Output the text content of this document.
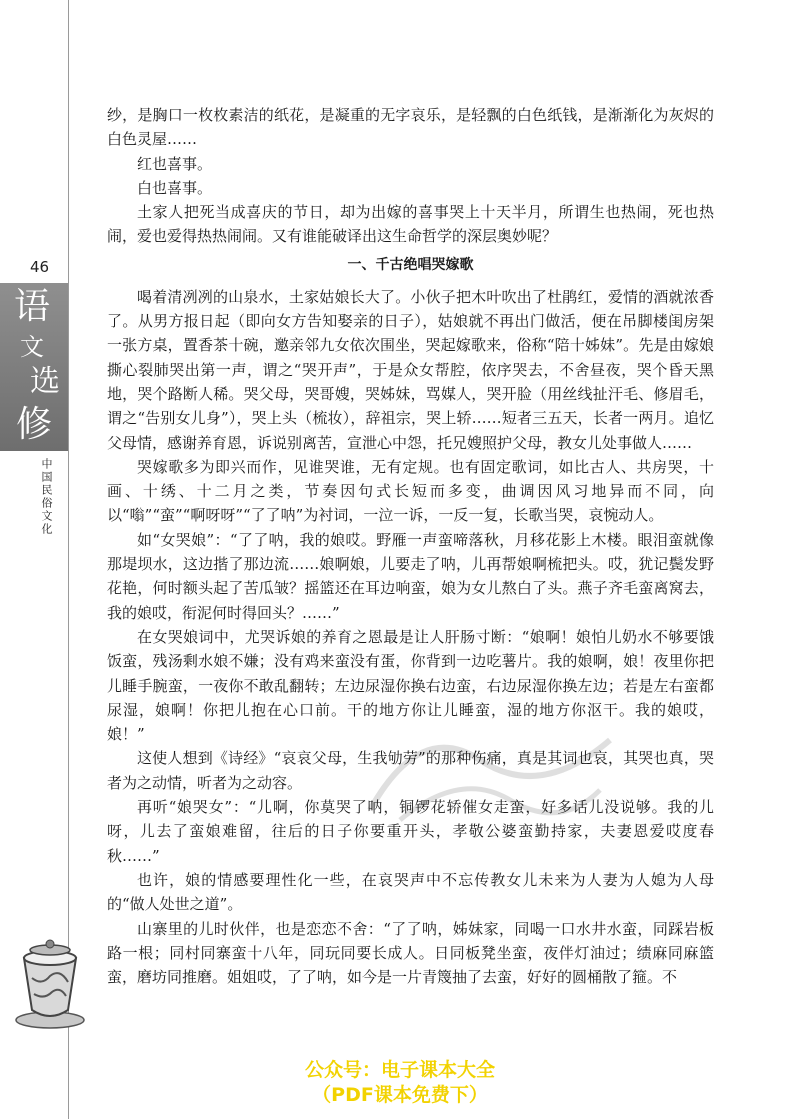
46
语
文
选
修
中国民俗文化

纱，是胸口一枚枚素洁的纸花，是凝重的无字哀乐，是轻飘的白色纸钱，是渐渐化为灰烬的白色灵屋……

红也喜事。

白也喜事。

土家人把死当成喜庆的节日，却为出嫁的喜事哭上十天半月，所谓生也热闹，死也热闹，爱也爱得热热闹闹。又有谁能破译出这生命哲学的深层奥妙呢？

一、千古绝唱哭嫁歌

喝着清冽冽的山泉水，土家姑娘长大了。小伙子把木叶吹出了杜鹃红，爱情的酒就浓香了。从男方报日起（即向女方告知娶亲的日子），姑娘就不再出门做活，便在吊脚楼闺房架一张方桌，置香茶十碗，邀亲邻九女依次围坐，哭起嫁歌来，俗称“陪十姊妹”。先是由嫁娘撕心裂肺哭出第一声，谓之“哭开声”，于是众女帮腔，依序哭去，不舍昼夜，哭个昏天黑地，哭个路断人稀。哭父母，哭哥嫂，哭姊妹，骂媒人，哭开脸（用丝线扯汗毛、修眉毛，谓之“告别女儿身”），哭上头（梳妆），辞祖宗，哭上轿……短者三五天，长者一两月。追忆父母情，感谢养育恩，诉说别离苦，宣泄心中怨，托兄嫂照护父母，教女儿处事做人……

哭嫁歌多为即兴而作，见谁哭谁，无有定规。也有固定歌词，如比古人、共房哭，十画、十绣、十二月之类，节奏因句式长短而多变，曲调因风习地异而不同，向以“嗡”“蛮”“啊呀呀”“了了呐”为衬词，一泣一诉，一反一复，长歌当哭，哀惋动人。

如“女哭娘”：“了了呐，我的娘哎。野雁一声蛮啼落秋，月移花影上木楼。眼泪蛮就像那堤坝水，这边揩了那边流……娘啊娘，儿要走了呐，儿再帮娘啊梳把头。哎，犹记鬓发野花艳，何时额头起了苦瓜皱？摇篮还在耳边响蛮，娘为女儿熬白了头。燕子齐毛蛮离窝去，我的娘哎，衔泥何时得回头？……”

在女哭娘词中，尤哭诉娘的养育之恩最是让人肝肠寸断：“娘啊！娘怕儿奶水不够要饿饭蛮，残汤剩水娘不嫌；没有鸡来蛮没有蛋，你背到一边吃薯片。我的娘啊，娘！夜里你把儿睡手腕蛮，一夜你不敢乱翻转；左边尿湿你换右边蛮，右边尿湿你换左边；若是左右蛮都尿湿，娘啊！你把儿抱在心口前。干的地方你让儿睡蛮，湿的地方你沤干。我的娘哎，娘！”

这使人想到《诗经》“哀哀父母，生我劬劳”的那种伤痛，真是其词也哀，其哭也真，哭者为之动情，听者为之动容。

再听“娘哭女”：“儿啊，你莫哭了呐，铜锣花轿催女走蛮，好多话儿没说够。我的儿呀，儿去了蛮娘难留，往后的日子你要重开头，孝敬公婆蛮勤持家，夫妻恩爱哎度春秋……”

也许，娘的情感要理性化一些，在哀哭声中不忘传教女儿未来为人妻为人媳为人母的“做人处世之道”。

山寨里的儿时伙伴，也是恋恋不舍：“了了呐，姊妹家，同喝一口水井水蛮，同踩岩板路一根；同村同寨蛮十八年，同玩同要长成人。日同板凳坐蛮，夜伴灯油过；绩麻同麻篮蛮，磨坊同推磨。姐姐哎，了了呐，如今是一片青篾抽了去蛮，好好的圆桶散了箍。不

公众号：电子课本大全
（PDF课本免费下）
